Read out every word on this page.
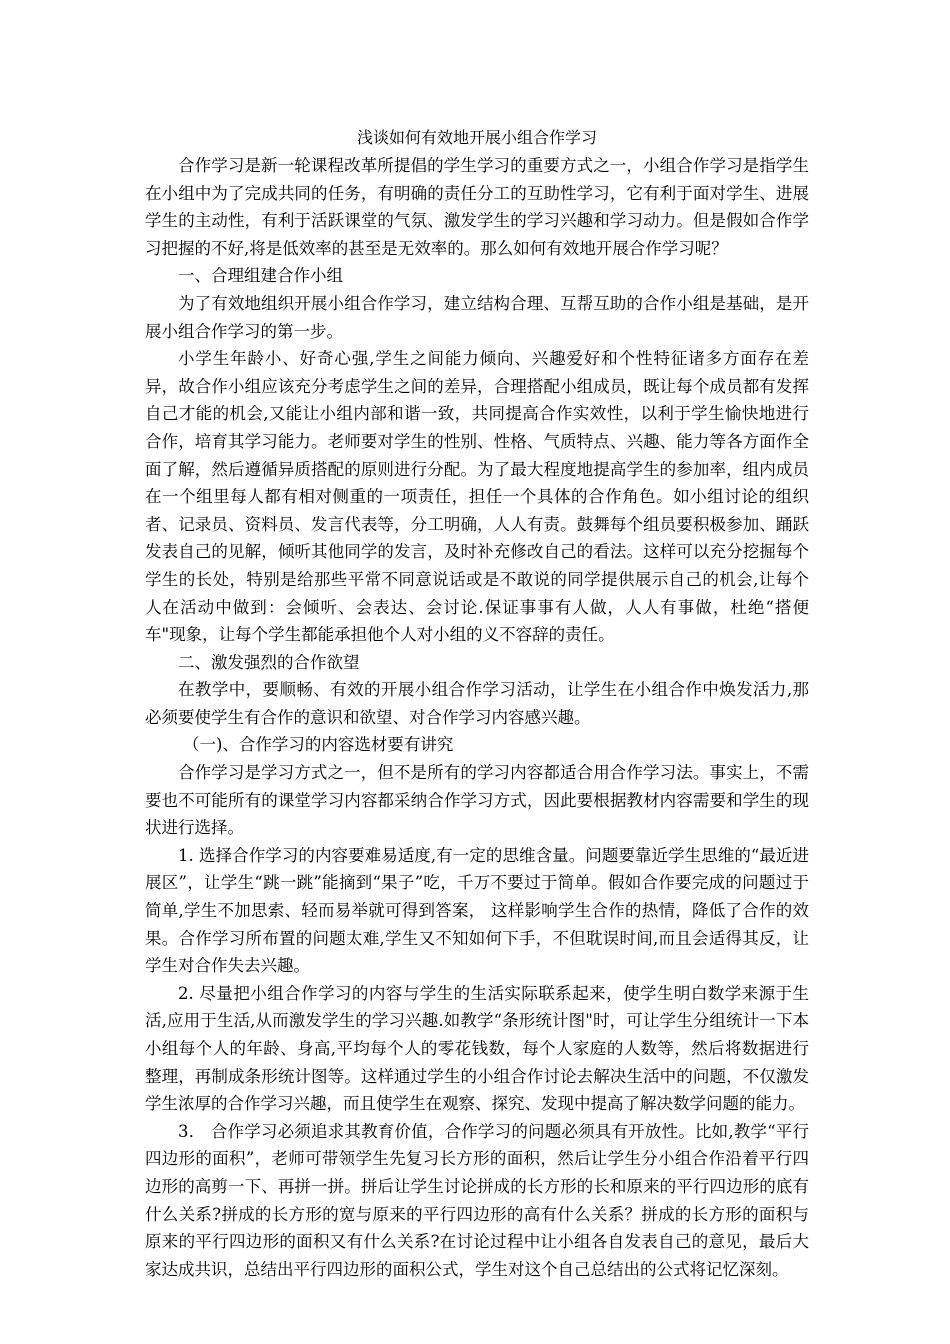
浅谈如何有效地开展小组合作学习

合作学习是新一轮课程改革所提倡的学生学习的重要方式之一，小组合作学习是指学生在小组中为了完成共同的任务，有明确的责任分工的互助性学习，它有利于面对学生、进展学生的主动性，有利于活跃课堂的气氛、激发学生的学习兴趣和学习动力。但是假如合作学习把握的不好,将是低效率的甚至是无效率的。那么如何有效地开展合作学习呢？

一、合理组建合作小组

为了有效地组织开展小组合作学习，建立结构合理、互帮互助的合作小组是基础，是开展小组合作学习的第一步。

小学生年龄小、好奇心强,学生之间能力倾向、兴趣爱好和个性特征诸多方面存在差异，故合作小组应该充分考虑学生之间的差异，合理搭配小组成员，既让每个成员都有发挥自己才能的机会,又能让小组内部和谐一致，共同提高合作实效性，以利于学生愉快地进行合作，培育其学习能力。老师要对学生的性别、性格、气质特点、兴趣、能力等各方面作全面了解，然后遵循异质搭配的原则进行分配。为了最大程度地提高学生的参加率，组内成员在一个组里每人都有相对侧重的一项责任，担任一个具体的合作角色。如小组讨论的组织者、记录员、资料员、发言代表等，分工明确，人人有责。鼓舞每个组员要积极参加、踊跃发表自己的见解，倾听其他同学的发言，及时补充修改自己的看法。这样可以充分挖掘每个学生的长处，特别是给那些平常不同意说话或是不敢说的同学提供展示自己的机会,让每个人在活动中做到：会倾听、会表达、会讨论.保证事事有人做，人人有事做，杜绝“搭便车"现象，让每个学生都能承担他个人对小组的义不容辞的责任。

二、激发强烈的合作欲望

在教学中，要顺畅、有效的开展小组合作学习活动，让学生在小组合作中焕发活力,那必须要使学生有合作的意识和欲望、对合作学习内容感兴趣。

（一)、合作学习的内容选材要有讲究

合作学习是学习方式之一，但不是所有的学习内容都适合用合作学习法。事实上，不需要也不可能所有的课堂学习内容都采纳合作学习方式，因此要根据教材内容需要和学生的现状进行选择。

1. 选择合作学习的内容要难易适度,有一定的思维含量。问题要靠近学生思维的“最近进展区”，让学生“跳一跳”能摘到“果子”吃，千万不要过于简单。假如合作要完成的问题过于简单,学生不加思索、轻而易举就可得到答案， 这样影响学生合作的热情，降低了合作的效果。合作学习所布置的问题太难,学生又不知如何下手，不但耽误时间,而且会适得其反，让学生对合作失去兴趣。

2. 尽量把小组合作学习的内容与学生的生活实际联系起来，使学生明白数学来源于生活,应用于生活,从而激发学生的学习兴趣.如教学“条形统计图"时，可让学生分组统计一下本小组每个人的年龄、身高,平均每个人的零花钱数，每个人家庭的人数等，然后将数据进行整理，再制成条形统计图等。这样通过学生的小组合作讨论去解决生活中的问题，不仅激发学生浓厚的合作学习兴趣，而且使学生在观察、探究、发现中提高了解决数学问题的能力。

3． 合作学习必须追求其教育价值，合作学习的问题必须具有开放性。比如,教学“平行四边形的面积”，老师可带领学生先复习长方形的面积，然后让学生分小组合作沿着平行四边形的高剪一下、再拼一拼。拼后让学生讨论拼成的长方形的长和原来的平行四边形的底有什么关系?拼成的长方形的宽与原来的平行四边形的高有什么关系？拼成的长方形的面积与原来的平行四边形的面积又有什么关系?在讨论过程中让小组各自发表自己的意见，最后大家达成共识，总结出平行四边形的面积公式，学生对这个自己总结出的公式将记忆深刻。
